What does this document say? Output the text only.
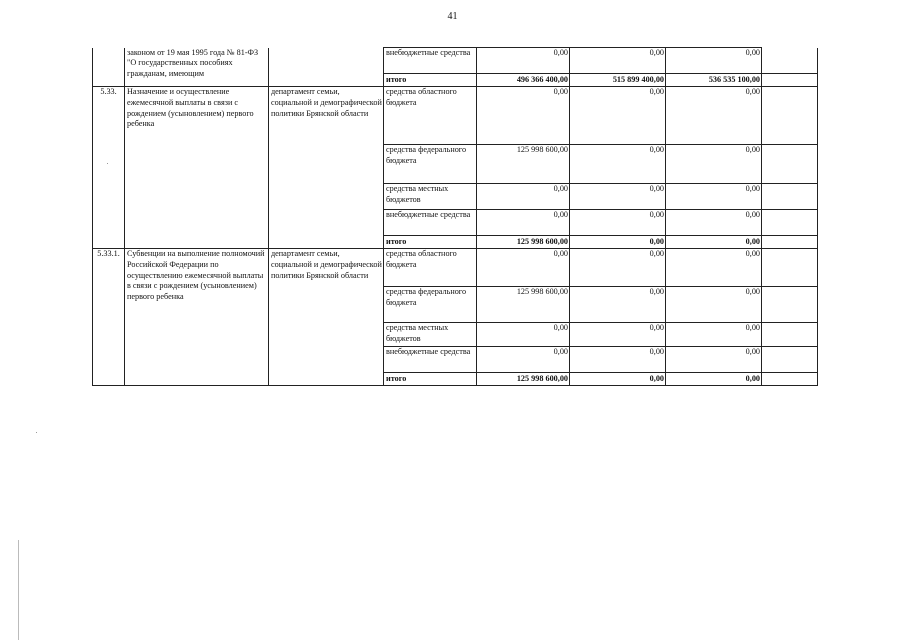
41
	законом от 19 мая 1995 года № 81-ФЗ "О государственных пособиях гражданам, имеющим		внебюджетные средства	0,00	0,00	0,00	
			итого	496 366 400,00	515 899 400,00	536 535 100,00	
5.33.	Назначение и осуществление ежемесячной выплаты в связи с рождением (усыновлением) первого ребенка	департамент семьи, социальной и демографической политики Брянской области	средства областного бюджета	0,00	0,00	0,00	
			средства федерального бюджета	125 998 600,00	0,00	0,00	
			средства местных бюджетов	0,00	0,00	0,00	
			внебюджетные средства	0,00	0,00	0,00	
			итого	125 998 600,00	0,00	0,00	
5.33.1.	Субвенции на выполнение полномочий Российской Федерации по осуществлению ежемесячной выплаты в связи с рождением (усыновлением) первого ребенка	департамент семьи, социальной и демографической политики Брянской области	средства областного бюджета	0,00	0,00	0,00	
			средства федерального бюджета	125 998 600,00	0,00	0,00	
			средства местных бюджетов	0,00	0,00	0,00	
			внебюджетные средства	0,00	0,00	0,00	
			итого	125 998 600,00	0,00	0,00	
